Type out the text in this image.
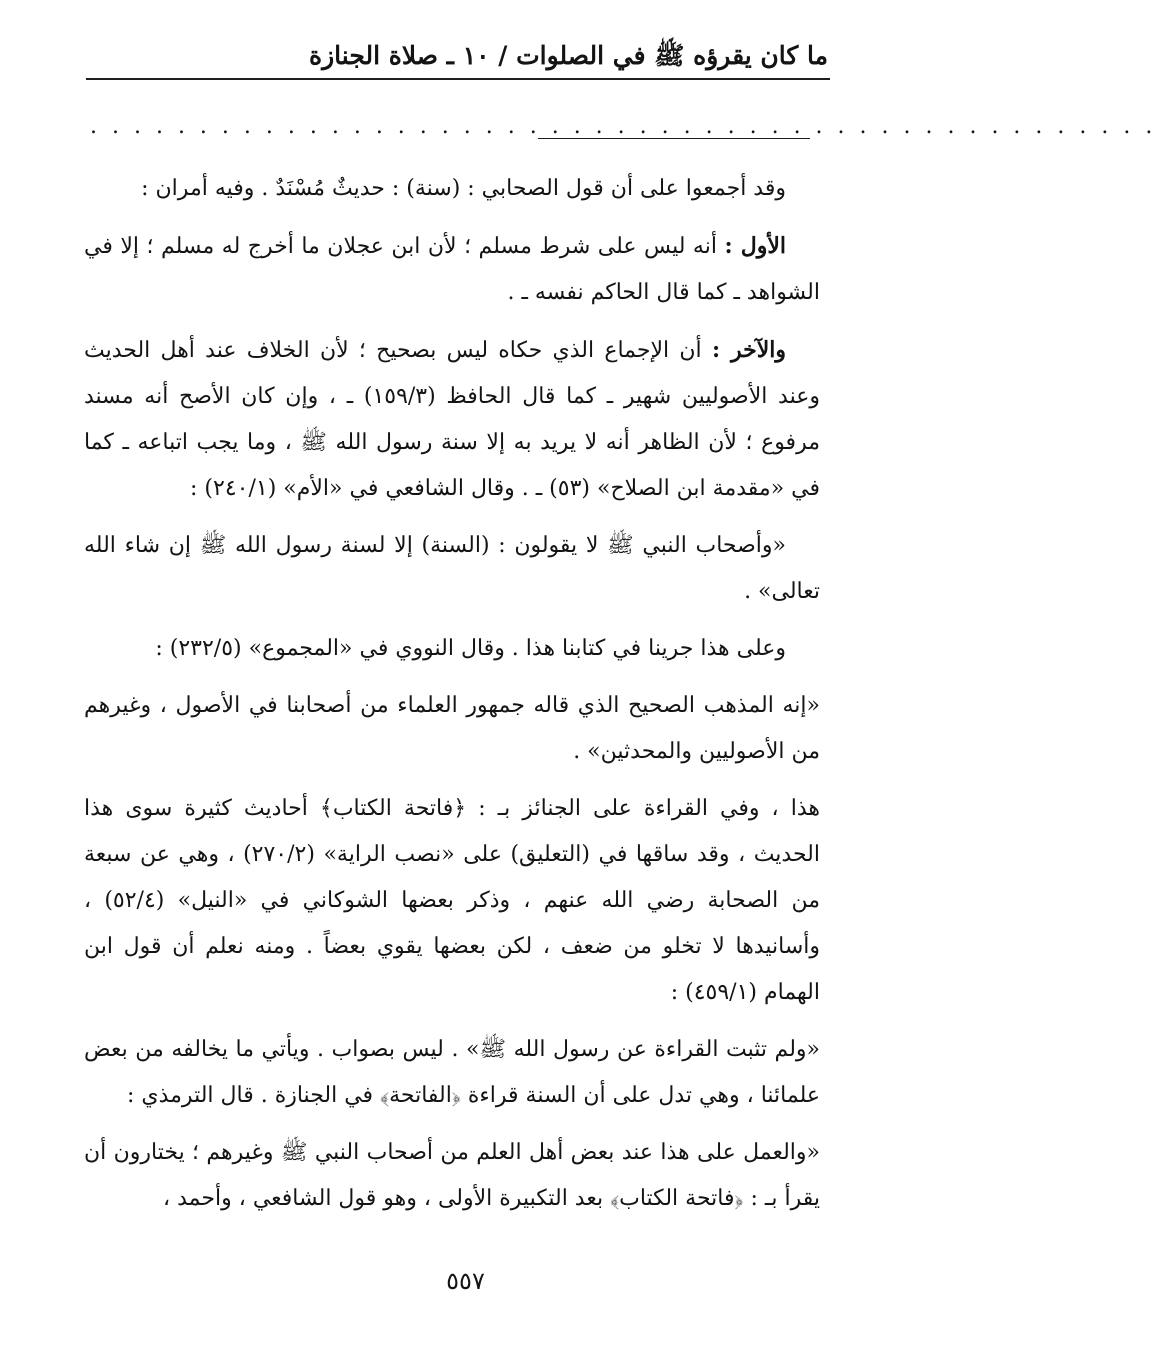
ما كان يقرؤه ﷺ في الصلوات / ١٠ ـ صلاة الجنازة
. . . . . . . . . . . . . . . . . . . . . . . . . . . . . . . . . . . . . . . . . . . . . . . . .

وقد أجمعوا على أن قول الصحابي : (سنة) : حديثٌ مُسْنَدٌ . وفيه أمران :

الأول : أنه ليس على شرط مسلم ؛ لأن ابن عجلان ما أخرج له مسلم ؛ إلا في الشواهد ـ كما قال الحاكم نفسه ـ .

والآخر : أن الإجماع الذي حكاه ليس بصحيح ؛ لأن الخلاف عند أهل الحديث وعند الأصوليين شهير ـ كما قال الحافظ (١٥٩/٣) ـ ، وإن كان الأصح أنه مسند مرفوع ؛ لأن الظاهر أنه لا يريد به إلا سنة رسول الله ﷺ ، وما يجب اتباعه ـ كما في «مقدمة ابن الصلاح» (٥٣) ـ . وقال الشافعي في «الأم» (٢٤٠/١) :

«وأصحاب النبي ﷺ لا يقولون : (السنة) إلا لسنة رسول الله ﷺ إن شاء الله تعالى» .

وعلى هذا جرينا في كتابنا هذا . وقال النووي في «المجموع» (٢٣٢/٥) :

«إنه المذهب الصحيح الذي قاله جمهور العلماء من أصحابنا في الأصول ، وغيرهم من الأصوليين والمحدثين» .

هذا ، وفي القراءة على الجنائز بـ : ﴿فاتحة الكتاب﴾ أحاديث كثيرة سوى هذا الحديث ، وقد ساقها في (التعليق) على «نصب الراية» (٢٧٠/٢) ، وهي عن سبعة من الصحابة رضي الله عنهم ، وذكر بعضها الشوكاني في «النيل» (٥٢/٤) ، وأسانيدها لا تخلو من ضعف ، لكن بعضها يقوي بعضاً . ومنه نعلم أن قول ابن الهمام (٤٥٩/١) :

«ولم تثبت القراءة عن رسول الله ﷺ» . ليس بصواب . ويأتي ما يخالفه من بعض علمائنا ، وهي تدل على أن السنة قراءة ﴿الفاتحة﴾ في الجنازة . قال الترمذي :

«والعمل على هذا عند بعض أهل العلم من أصحاب النبي ﷺ وغيرهم ؛ يختارون أن يقرأ بـ : ﴿فاتحة الكتاب﴾ بعد التكبيرة الأولى ، وهو قول الشافعي ، وأحمد ،

٥٥٧
